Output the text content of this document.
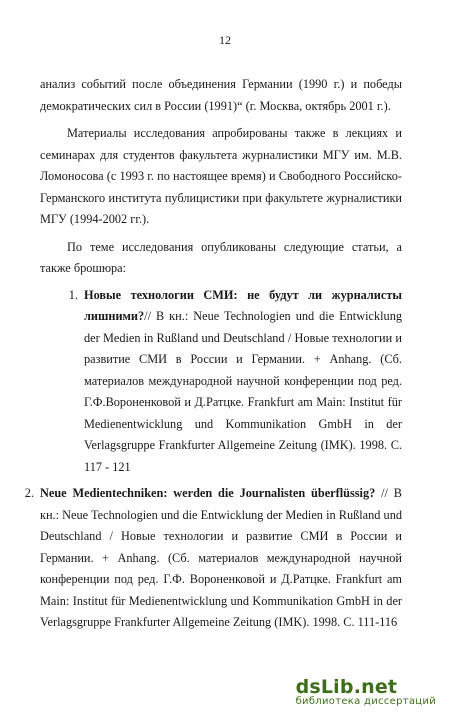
12

анализ событий после объединения Германии (1990 г.) и победы демократических сил в России (1991)“ (г. Москва, октябрь 2001 г.).

Материалы исследования апробированы также в лекциях и семинарах для студентов факультета журналистики МГУ им. М.В. Ломоносова (с 1993 г. по настоящее время) и Свободного Российско-Германского института публицистики при факультете журналистики МГУ (1994-2002 гг.).

По теме исследования опубликованы следующие статьи, а также брошюра:

1. Новые технологии СМИ: не будут ли журналисты лишними?// В кн.: Neue Technologien und die Entwicklung der Medien in Rußland und Deutschland / Новые технологии и развитие СМИ в России и Германии. + Anhang. (Сб. материалов международной научной конференции под ред. Г.Ф.Вороненковой и Д.Ратцке. Frankfurt am Main: Institut für Medienentwicklung und Kommunikation GmbH in der Verlagsgruppe Frankfurter Allgemeine Zeitung (IMK). 1998. С. 117 - 121
2. Neue Medientechniken: werden die Journalisten überflüssig? // В кн.: Neue Technologien und die Entwicklung der Medien in Rußland und Deutschland / Новые технологии и развитие СМИ в России и Германии. + Anhang. (Сб. материалов международной научной конференции под ред. Г.Ф. Вороненковой и Д.Ратцке. Frankfurt am Main: Institut für Medienentwicklung und Kommunikation GmbH in der Verlagsgruppe Frankfurter Allgemeine Zeitung (IMK). 1998. С. 111-116
dsLib.net
библиотека диссертаций
